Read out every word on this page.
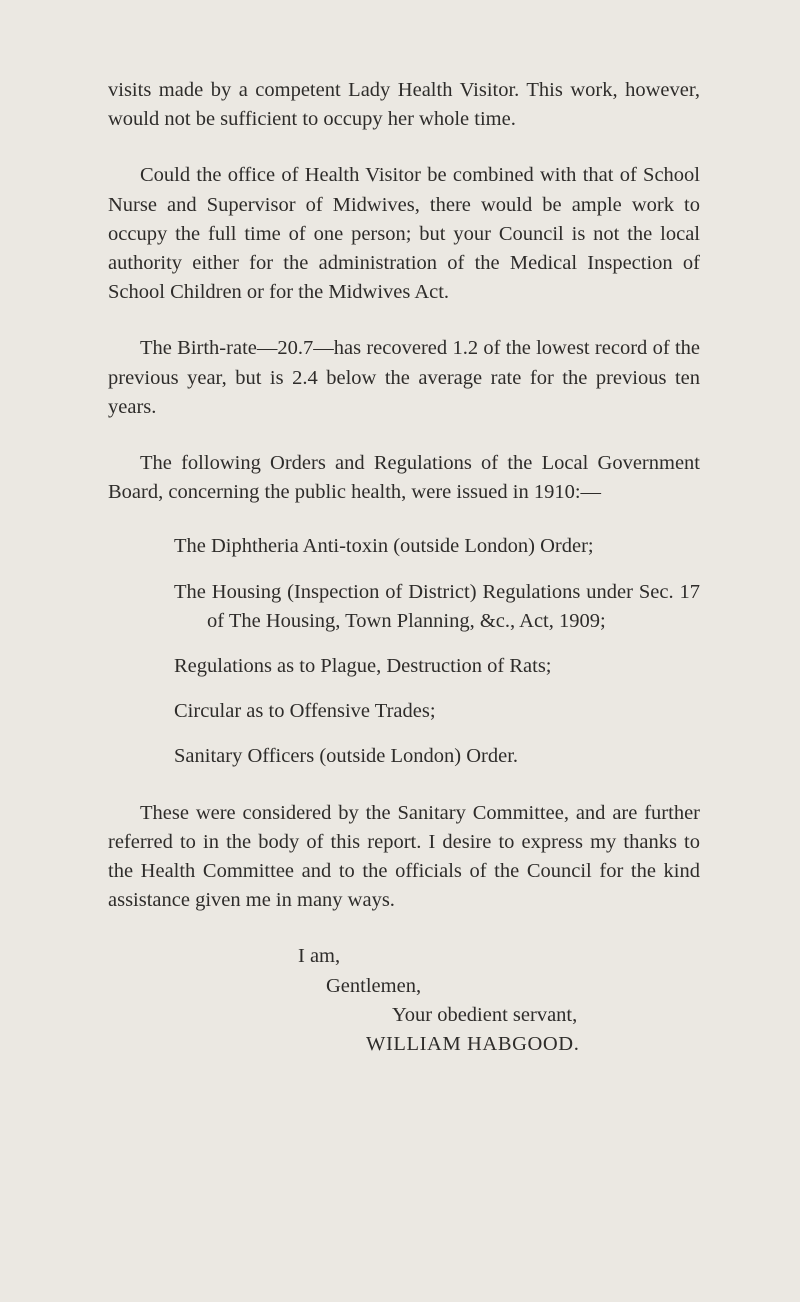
visits made by a competent Lady Health Visitor. This work, however, would not be sufficient to occupy her whole time.

Could the office of Health Visitor be combined with that of School Nurse and Supervisor of Midwives, there would be ample work to occupy the full time of one person; but your Council is not the local authority either for the administration of the Medical Inspection of School Children or for the Midwives Act.

The Birth-rate—20.7—has recovered 1.2 of the lowest record of the previous year, but is 2.4 below the average rate for the previous ten years.

The following Orders and Regulations of the Local Government Board, concerning the public health, were issued in 1910:—

The Diphtheria Anti-toxin (outside London) Order;
The Housing (Inspection of District) Regulations under Sec. 17 of The Housing, Town Planning, &c., Act, 1909;
Regulations as to Plague, Destruction of Rats;
Circular as to Offensive Trades;
Sanitary Officers (outside London) Order.

These were considered by the Sanitary Committee, and are further referred to in the body of this report. I desire to express my thanks to the Health Committee and to the officials of the Council for the kind assistance given me in many ways.

I am,
Gentlemen,
Your obedient servant,
WILLIAM HABGOOD.
